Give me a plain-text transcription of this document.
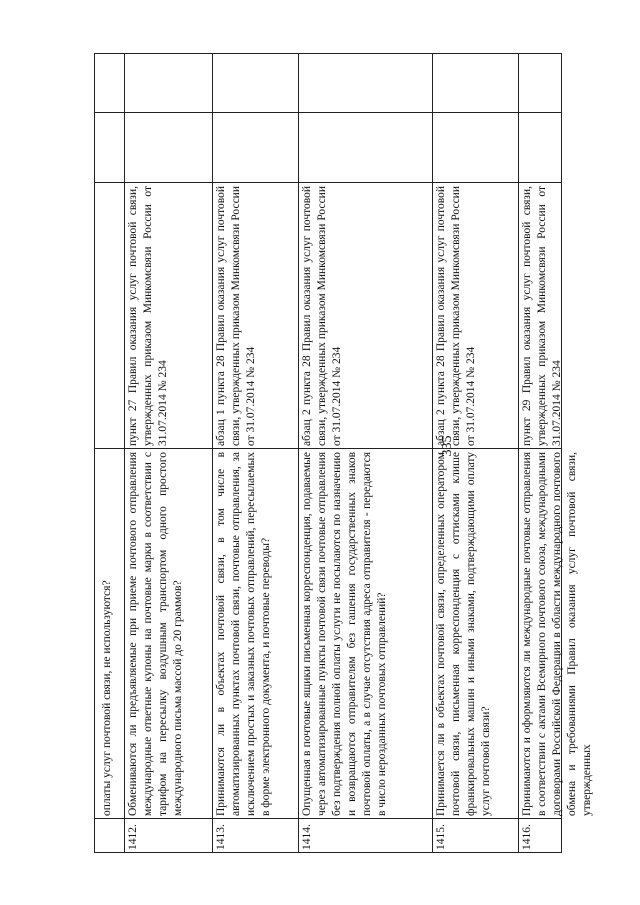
335
оплаты услуг почтовой связи, не используются?
1412.
Обмениваются ли предъявляемые при приеме почтового отправления международные ответные купоны на почтовые марки в соответствии с тарифом на пересылку воздушным транспортом одного простого международного письма массой до 20 граммов?
пункт 27 Правил оказания услуг почтовой связи, утвержденных приказом Минкомсвязи России от 31.07.2014 № 234
1413.
Принимаются ли в объектах почтовой связи, в том числе в автоматизированных пунктах почтовой связи, почтовые отправления, за исключением простых и заказных почтовых отправлений, пересылаемых в форме электронного документа, и почтовые переводы?
абзац 1 пункта 28 Правил оказания услуг почтовой связи, утвержденных приказом Минкомсвязи России от 31.07.2014 № 234
1414.
Опущенная в почтовые ящики письменная корреспонденция, подаваемые через автоматизированные пункты почтовой связи почтовые отправления без подтверждения полной оплаты услуги не посылаются по назначению и возвращаются отправителям без гашения государственных знаков почтовой оплаты, а в случае отсутствия адреса отправителя - передаются в число нерозданных почтовых отправлений?
абзац 2 пункта 28 Правил оказания услуг почтовой связи, утвержденных приказом Минкомсвязи России от 31.07.2014 № 234
1415.
Принимается ли в объектах почтовой связи, определенных оператором почтовой связи, письменная корреспонденция с оттисками клише франкировальных машин и иными знаками, подтверждающими оплату услуг почтовой связи?
абзац 2 пункта 28 Правил оказания услуг почтовой связи, утвержденных приказом Минкомсвязи России от 31.07.2014 № 234
1416.
Принимаются и оформляются ли международные почтовые отправления в соответствии с актами Всемирного почтового союза, международными договорами Российской Федерации в области международного почтового обмена и требованиями Правил оказания услуг почтовой связи, утвержденных
пункт 29 Правил оказания услуг почтовой связи, утвержденных приказом Минкомсвязи России от 31.07.2014 № 234
